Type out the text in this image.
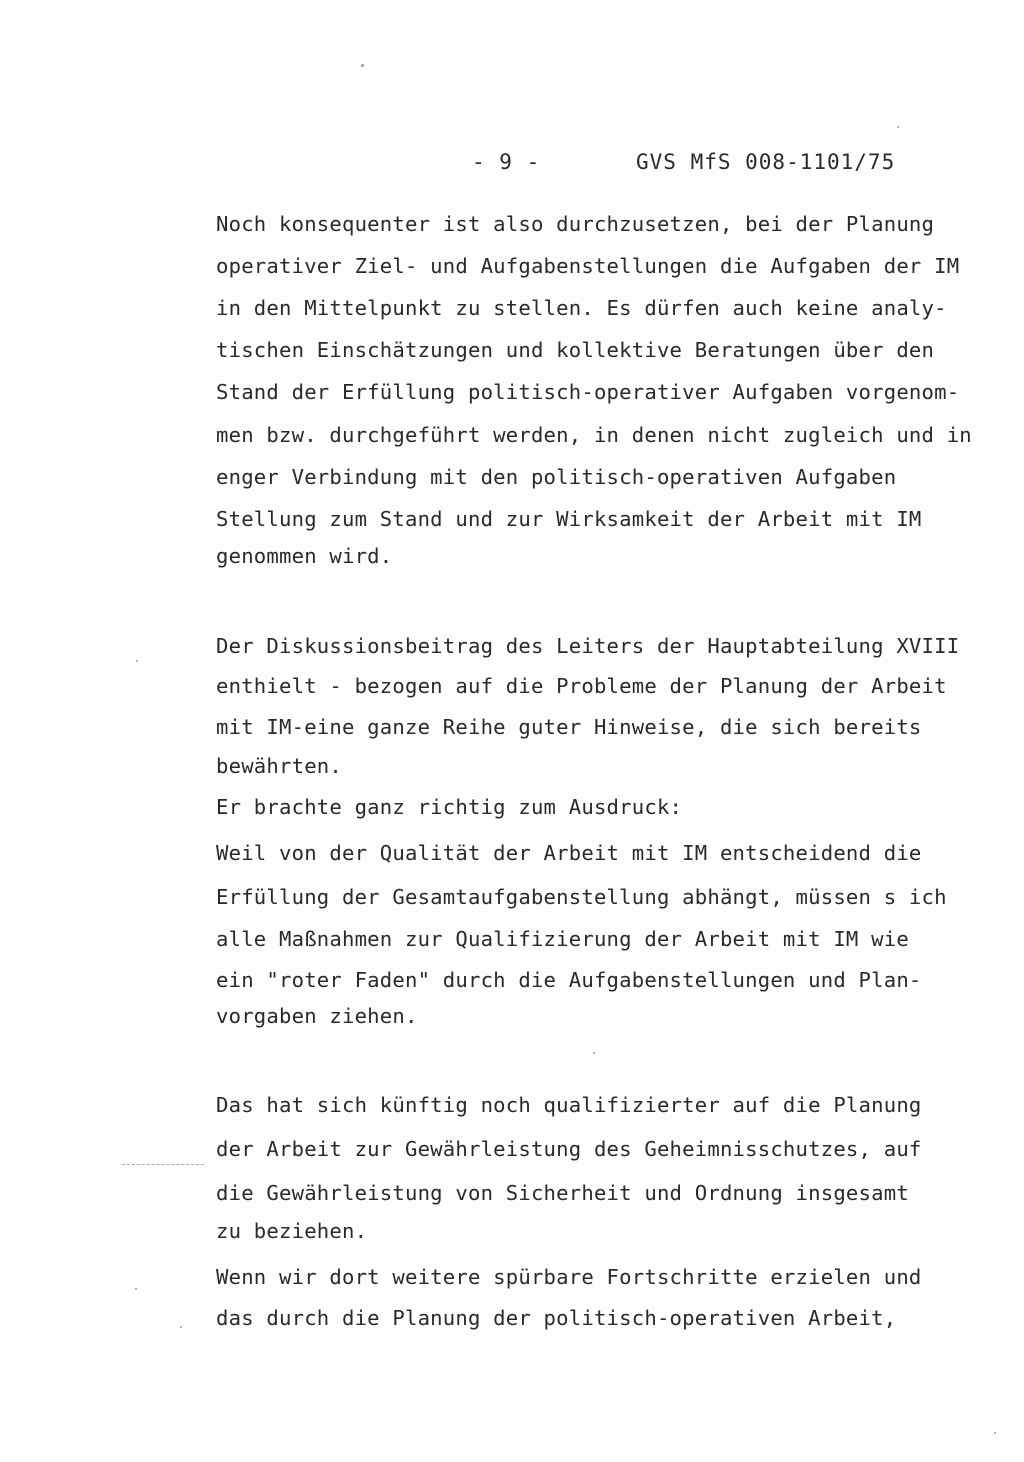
- 9 -	GVS MfS 008-1101/75
Noch konsequenter ist also durchzusetzen, bei der Planung
operativer Ziel- und Aufgabenstellungen die Aufgaben der IM
in den Mittelpunkt zu stellen. Es dürfen auch keine analy-
tischen Einschätzungen und kollektive Beratungen über den
Stand der Erfüllung politisch-operativer Aufgaben vorgenom-
men bzw. durchgeführt werden, in denen nicht zugleich und in
enger Verbindung mit den politisch-operativen Aufgaben
Stellung zum Stand und zur Wirksamkeit der Arbeit mit IM
genommen wird.
Der Diskussionsbeitrag des Leiters der Hauptabteilung XVIII
enthielt - bezogen auf die Probleme der Planung der Arbeit
mit IM-eine ganze Reihe guter Hinweise, die sich bereits
bewährten.
Er brachte ganz richtig zum Ausdruck:
Weil von der Qualität der Arbeit mit IM entscheidend die
Erfüllung der Gesamtaufgabenstellung abhängt, müssen s ich
alle Maßnahmen zur Qualifizierung der Arbeit mit IM wie
ein "roter Faden" durch die Aufgabenstellungen und Plan-
vorgaben ziehen.
Das hat sich künftig noch qualifizierter auf die Planung
der Arbeit zur Gewährleistung des Geheimnisschutzes, auf
die Gewährleistung von Sicherheit und Ordnung insgesamt
zu beziehen.
Wenn wir dort weitere spürbare Fortschritte erzielen und
das durch die Planung der politisch-operativen Arbeit,
